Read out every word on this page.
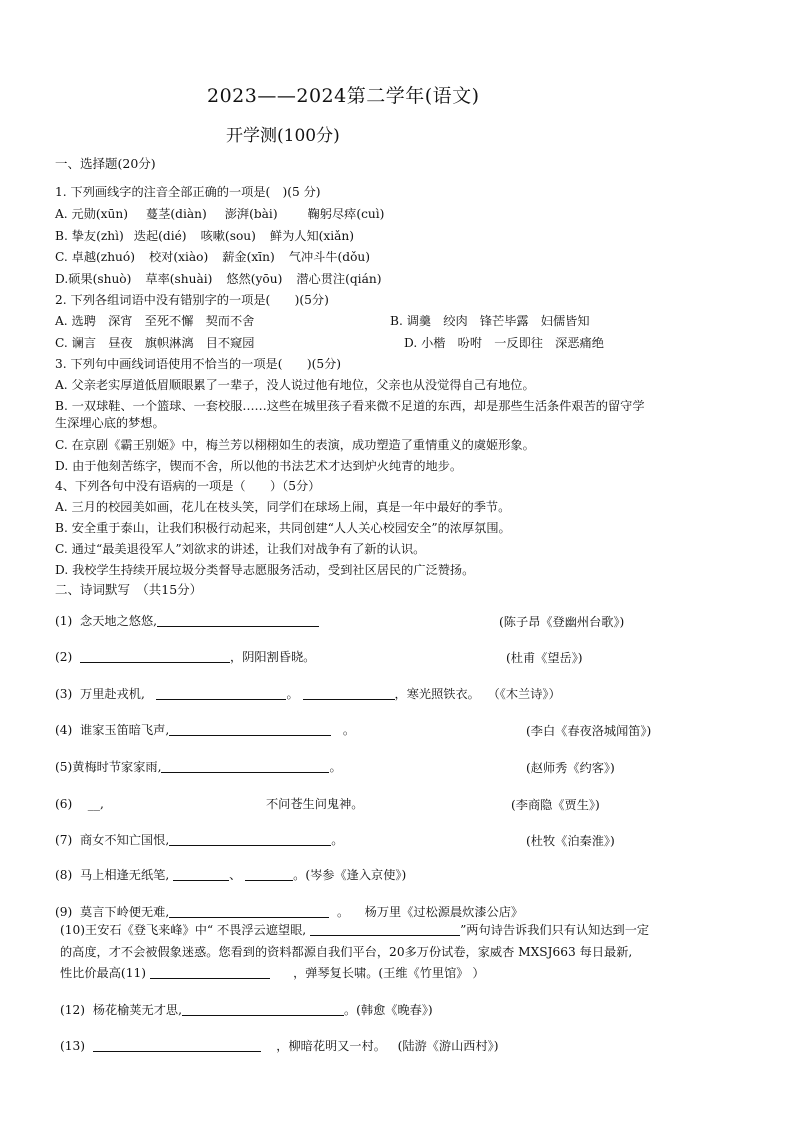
2023——2024第二学年(语文)
开学测(100分)
一、选择题(20分)
1. 下列画线字的注音全部正确的一项是(　)(5 分)
A. 元勋(xūn) 蔓茎(diàn) 澎湃(bài) 鞠躬尽瘁(cuì)
B. 挚友(zhì) 迭起(dié) 咳嗽(sou) 鲜为人知(xiǎn)
C. 卓越(zhuó) 校对(xiào) 薪金(xīn) 气冲斗牛(dǒu)
D.硕果(shuò) 草率(shuài) 悠然(yōu) 潜心贯注(qián)
2. 下列各组词语中没有错别字的一项是(　　)(5分)
A. 选聘　深宵　至死不懈　契而不舍	B. 调羹　绞肉　锋芒毕露　妇儒皆知
C. 谰言　昼夜　旗帜淋漓　目不窥园	D. 小楷　吩咐　一反即往　深恶痛绝
3. 下列句中画线词语使用不恰当的一项是(　　)(5分)
A. 父亲老实厚道低眉顺眼累了一辈子，没人说过他有地位，父亲也从没觉得自己有地位。
B. 一双球鞋、一个篮球、一套校服……这些在城里孩子看来微不足道的东西，却是那些生活条件艰苦的留守学
生深埋心底的梦想。
C. 在京剧《霸王别姬》中，梅兰芳以栩栩如生的表演，成功塑造了重情重义的虞姬形象。
D. 由于他刻苦练字，锲而不舍，所以他的书法艺术才达到炉火纯青的地步。
4、下列各句中没有语病的一项是（　　）（5分）
A. 三月的校园美如画，花儿在枝头笑，同学们在球场上闹，真是一年中最好的季节。
B. 安全重于泰山，让我们积极行动起来，共同创建“人人关心校园安全”的浓厚氛围。
C. 通过“最美退役军人”刘欲求的讲述，让我们对战争有了新的认识。
D. 我校学生持续开展垃圾分类督导志愿服务活动，受到社区居民的广泛赞扬。
二、诗词默写　（共15分）
(1) 念天地之悠悠,	(陈子昂《登幽州台歌》)
(2)	，阴阳割昏晓。	(杜甫《望岳》)
(3) 万里赴戎机,	。	，寒光照铁衣。 （《木兰诗》）
(4) 谁家玉笛暗飞声,	。	(李白《春夜洛城闻笛》)
(5)黄梅时节家家雨,	。	(赵师秀《约客》)
(6) __,	不问苍生问鬼神。	(李商隐《贾生》)
(7) 商女不知亡国恨,	。	(杜牧《泊秦淮》)
(8) 马上相逢无纸笔,	、	。(岑参《逢入京使》)
(9) 莫言下岭便无难,	。 杨万里《过松源晨炊漆公店》
(10)王安石《登飞来峰》中“ 不畏浮云遮望眼,	”两句诗告诉我们只有认知达到一定
的高度，才不会被假象迷惑。您看到的资料都源自我们平台，20多万份试卷，家威杏 MXSJ663 每日最新,
性比价最高(11)	，弹琴复长啸。(王维《竹里馆》 ）
(12) 杨花榆荚无才思,	。(韩愈《晚春》)
(13)	，柳暗花明又一村。 (陆游《游山西村》)
